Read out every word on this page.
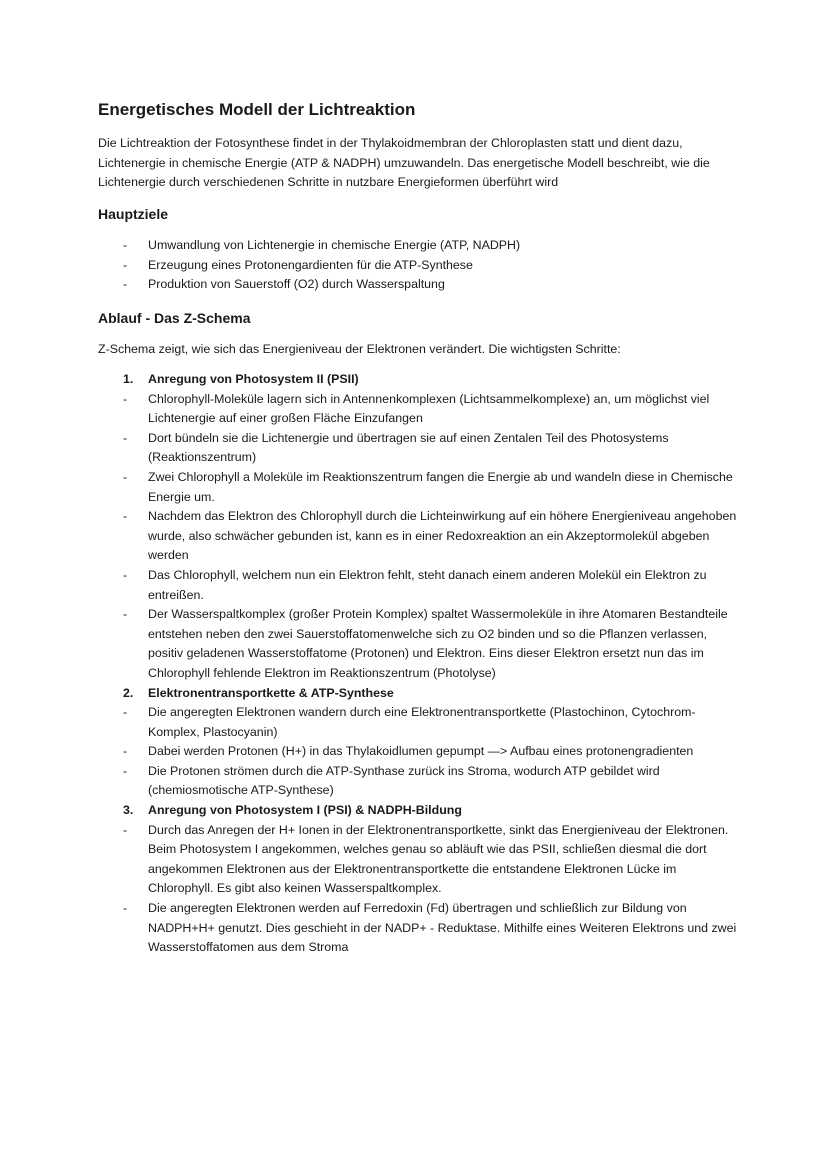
Energetisches Modell der Lichtreaktion

Die Lichtreaktion der Fotosynthese findet in der Thylakoidmembran der Chloroplasten statt und dient dazu, Lichtenergie in chemische Energie (ATP & NADPH) umzuwandeln. Das energetische Modell beschreibt, wie die Lichtenergie durch verschiedenen Schritte in nutzbare Energieformen überführt wird

Hauptziele
- Umwandlung von Lichtenergie in chemische Energie (ATP, NADPH)
- Erzeugung eines Protonengardienten für die ATP-Synthese
- Produktion von Sauerstoff (O2) durch Wasserspaltung
Ablauf - Das Z-Schema

Z-Schema zeigt, wie sich das Energieniveau der Elektronen verändert. Die wichtigsten Schritte:

1. Anregung von Photosystem II (PSII)
- Chlorophyll-Moleküle lagern sich in Antennenkomplexen (Lichtsammelkomplexe) an, um möglichst viel Lichtenergie auf einer großen Fläche Einzufangen
- Dort bündeln sie die Lichtenergie und übertragen sie auf einen Zentalen Teil des Photosystems (Reaktionszentrum)
- Zwei Chlorophyll a Moleküle im Reaktionszentrum fangen die Energie ab und wandeln diese in Chemische Energie um.
- Nachdem das Elektron des Chlorophyll durch die Lichteinwirkung auf ein höhere Energieniveau angehoben wurde, also schwächer gebunden ist, kann es in einer Redoxreaktion an ein Akzeptormolekül abgeben werden
- Das Chlorophyll, welchem nun ein Elektron fehlt, steht danach einem anderen Molekül ein Elektron zu entreißen.
- Der Wasserspaltkomplex (großer Protein Komplex) spaltet Wassermoleküle in ihre Atomaren Bestandteile entstehen neben den zwei Sauerstoffatomenwelche sich zu O2 binden und so die Pflanzen verlassen, positiv geladenen Wasserstoffatome (Protonen) und Elektron. Eins dieser Elektron ersetzt nun das im Chlorophyll fehlende Elektron im Reaktionszentrum (Photolyse)
2. Elektronentransportkette & ATP-Synthese
- Die angeregten Elektronen wandern durch eine Elektronentransportkette (Plastochinon, Cytochrom-Komplex, Plastocyanin)
- Dabei werden Protonen (H+) in das Thylakoidlumen gepumpt —> Aufbau eines protonengradienten
- Die Protonen strömen durch die ATP-Synthase zurück ins Stroma, wodurch ATP gebildet wird (chemiosmotische ATP-Synthese)
3. Anregung von Photosystem I (PSI) & NADPH-Bildung
- Durch das Anregen der H+ Ionen in der Elektronentransportkette, sinkt das Energieniveau der Elektronen. Beim Photosystem I angekommen, welches genau so abläuft wie das PSII, schließen diesmal die dort angekommen Elektronen aus der Elektronentransportkette die entstandene Elektronen Lücke im Chlorophyll. Es gibt also keinen Wasserspaltkomplex.
- Die angeregten Elektronen werden auf Ferredoxin (Fd) übertragen und schließlich zur Bildung von NADPH+H+ genutzt. Dies geschieht in der NADP+ - Reduktase. Mithilfe eines Weiteren Elektrons und zwei Wasserstoffatomen aus dem Stroma
